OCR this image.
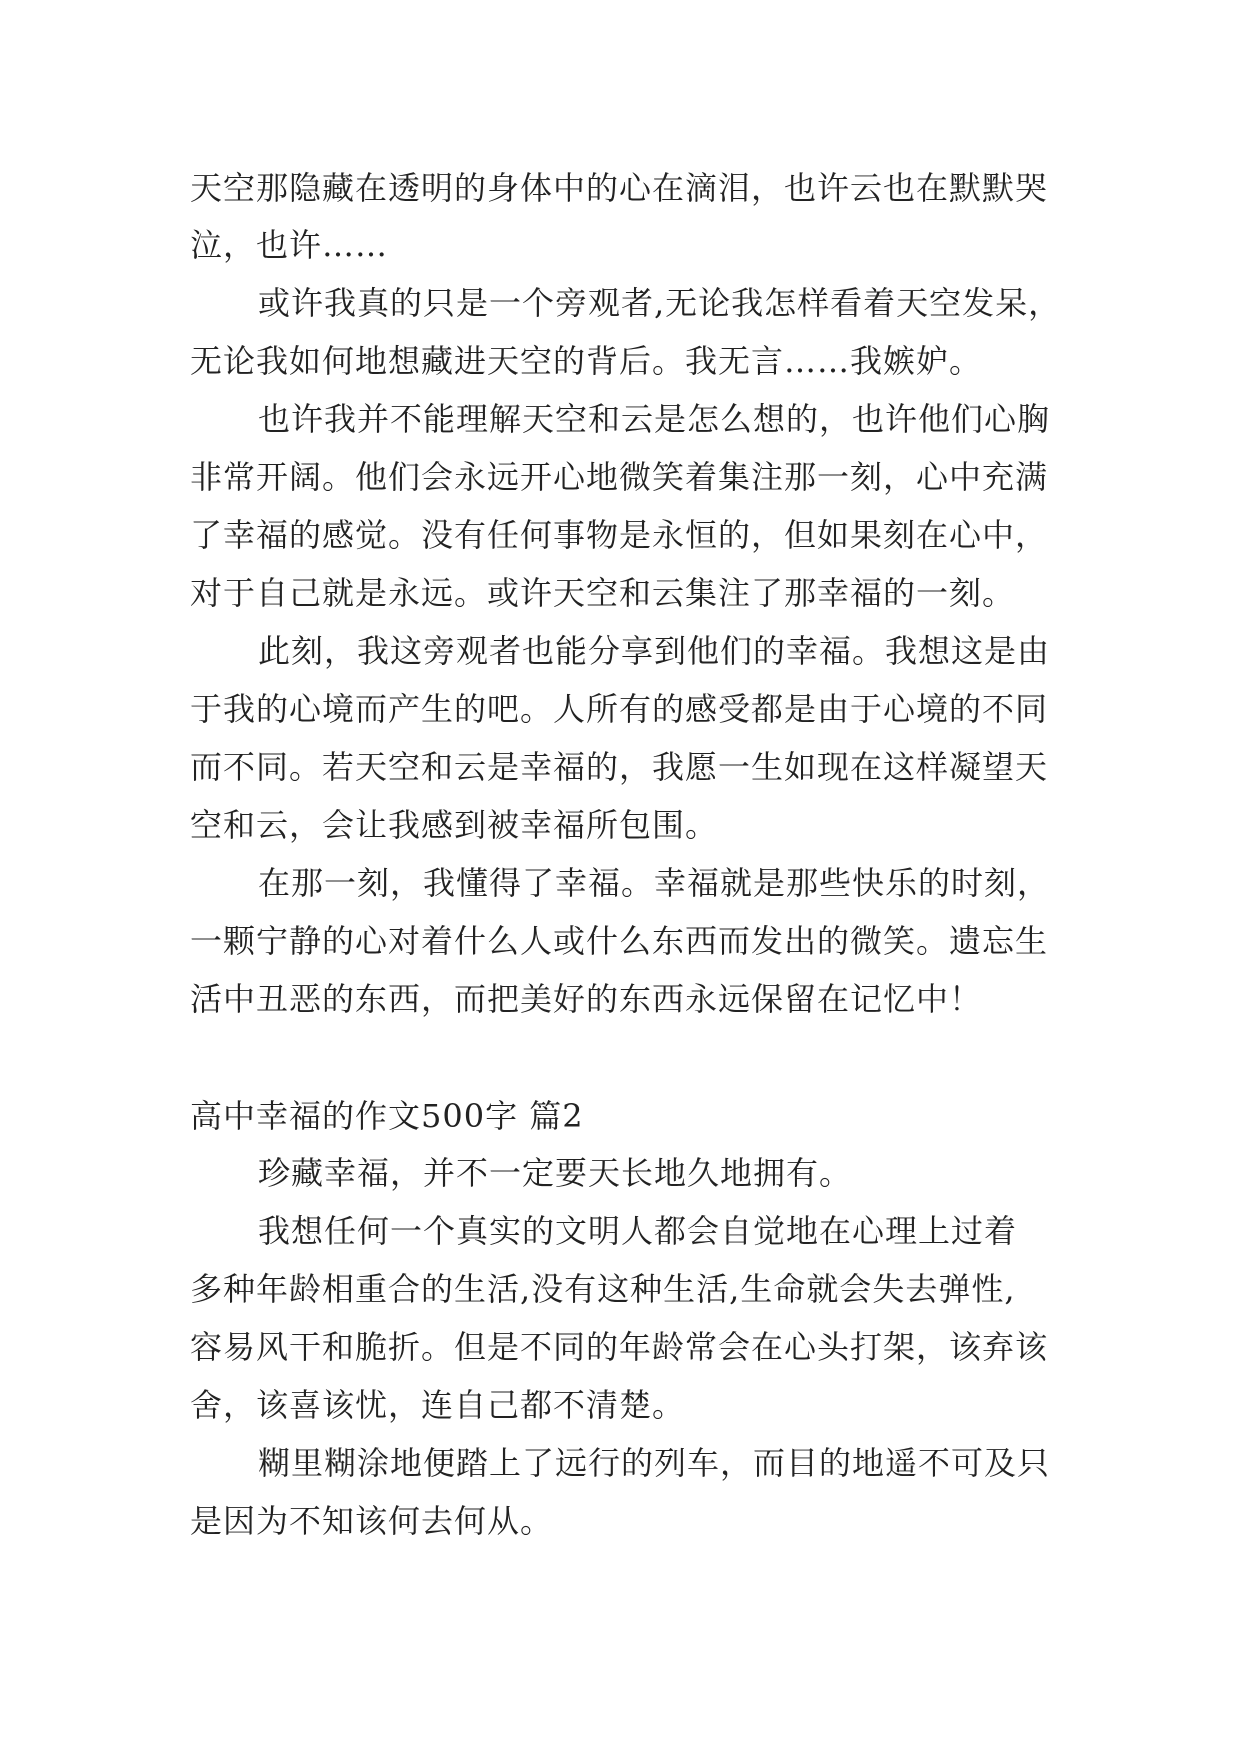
天空那隐藏在透明的身体中的心在滴泪，也许云也在默默哭
泣，也许……
或许我真的只是一个旁观者,无论我怎样看着天空发呆，
无论我如何地想藏进天空的背后。我无言……我嫉妒。
也许我并不能理解天空和云是怎么想的，也许他们心胸
非常开阔。他们会永远开心地微笑着集注那一刻，心中充满
了幸福的感觉。没有任何事物是永恒的，但如果刻在心中，
对于自己就是永远。或许天空和云集注了那幸福的一刻。
此刻，我这旁观者也能分享到他们的幸福。我想这是由
于我的心境而产生的吧。人所有的感受都是由于心境的不同
而不同。若天空和云是幸福的，我愿一生如现在这样凝望天
空和云，会让我感到被幸福所包围。
在那一刻，我懂得了幸福。幸福就是那些快乐的时刻，
一颗宁静的心对着什么人或什么东西而发出的微笑。遗忘生
活中丑恶的东西，而把美好的东西永远保留在记忆中！
高中幸福的作文500字 篇2
珍藏幸福，并不一定要天长地久地拥有。
我想任何一个真实的文明人都会自觉地在心理上过着
多种年龄相重合的生活,没有这种生活,生命就会失去弹性,
容易风干和脆折。但是不同的年龄常会在心头打架，该弃该
舍，该喜该忧，连自己都不清楚。
糊里糊涂地便踏上了远行的列车，而目的地遥不可及只
是因为不知该何去何从。
